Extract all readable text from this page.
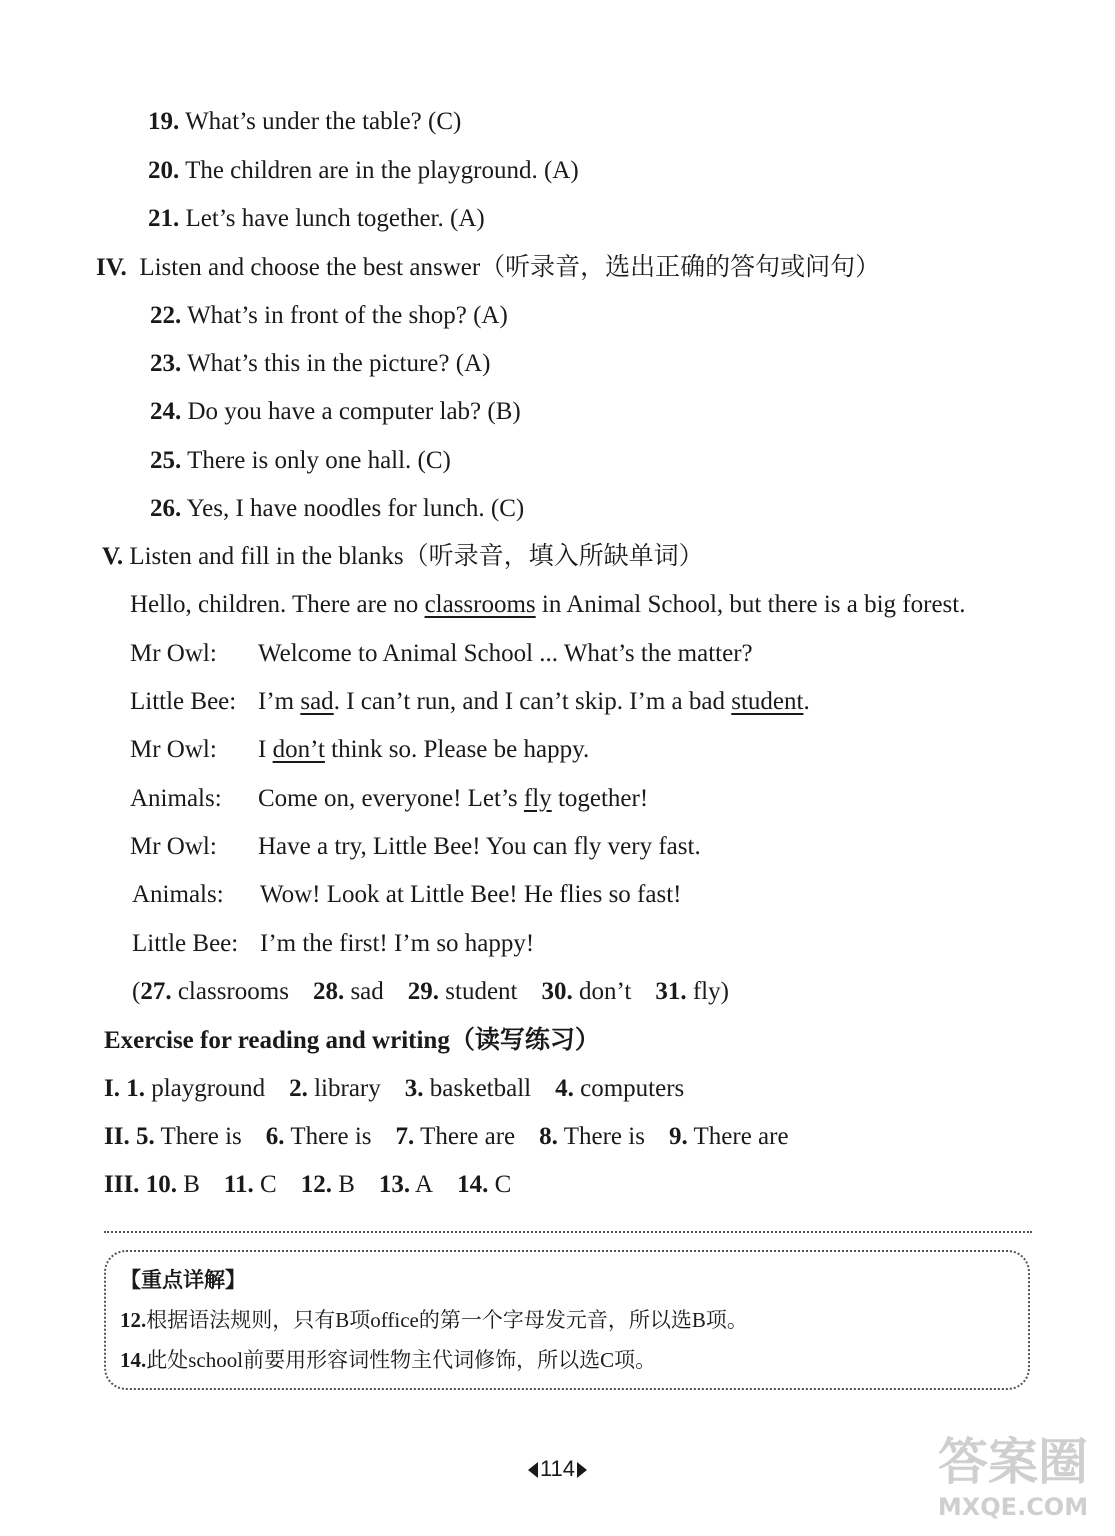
19. What’s under the table? (C)
20. The children are in the playground. (A)
21. Let’s have lunch together. (A)
IV. Listen and choose the best answer（听录音，选出正确的答句或问句）
22. What’s in front of the shop? (A)
23. What’s this in the picture? (A)
24. Do you have a computer lab? (B)
25. There is only one hall. (C)
26. Yes, I have noodles for lunch. (C)
V. Listen and fill in the blanks（听录音，填入所缺单词）
Hello, children. There are no classrooms in Animal School, but there is a big forest.
Mr Owl: Welcome to Animal School ... What’s the matter?
Little Bee: I’m sad. I can’t run, and I can’t skip. I’m a bad student.
Mr Owl: I don’t think so. Please be happy.
Animals: Come on, everyone! Let’s fly together!
Mr Owl: Have a try, Little Bee! You can fly very fast.
Animals: Wow! Look at Little Bee! He flies so fast!
Little Bee: I’m the first! I’m so happy!
(27. classrooms 28. sad 29. student 30. don’t 31. fly)
Exercise for reading and writing（读写练习）
I. 1. playground 2. library 3. basketball 4. computers
II. 5. There is 6. There is 7. There are 8. There is 9. There are
III. 10. B 11. C 12. B 13. A 14. C
【重点详解】
12.根据语法规则，只有B项office的第一个字母发元音，所以选B项。
14.此处school前要用形容词性物主代词修饰，所以选C项。
114	答案圈
MXQE.COM
